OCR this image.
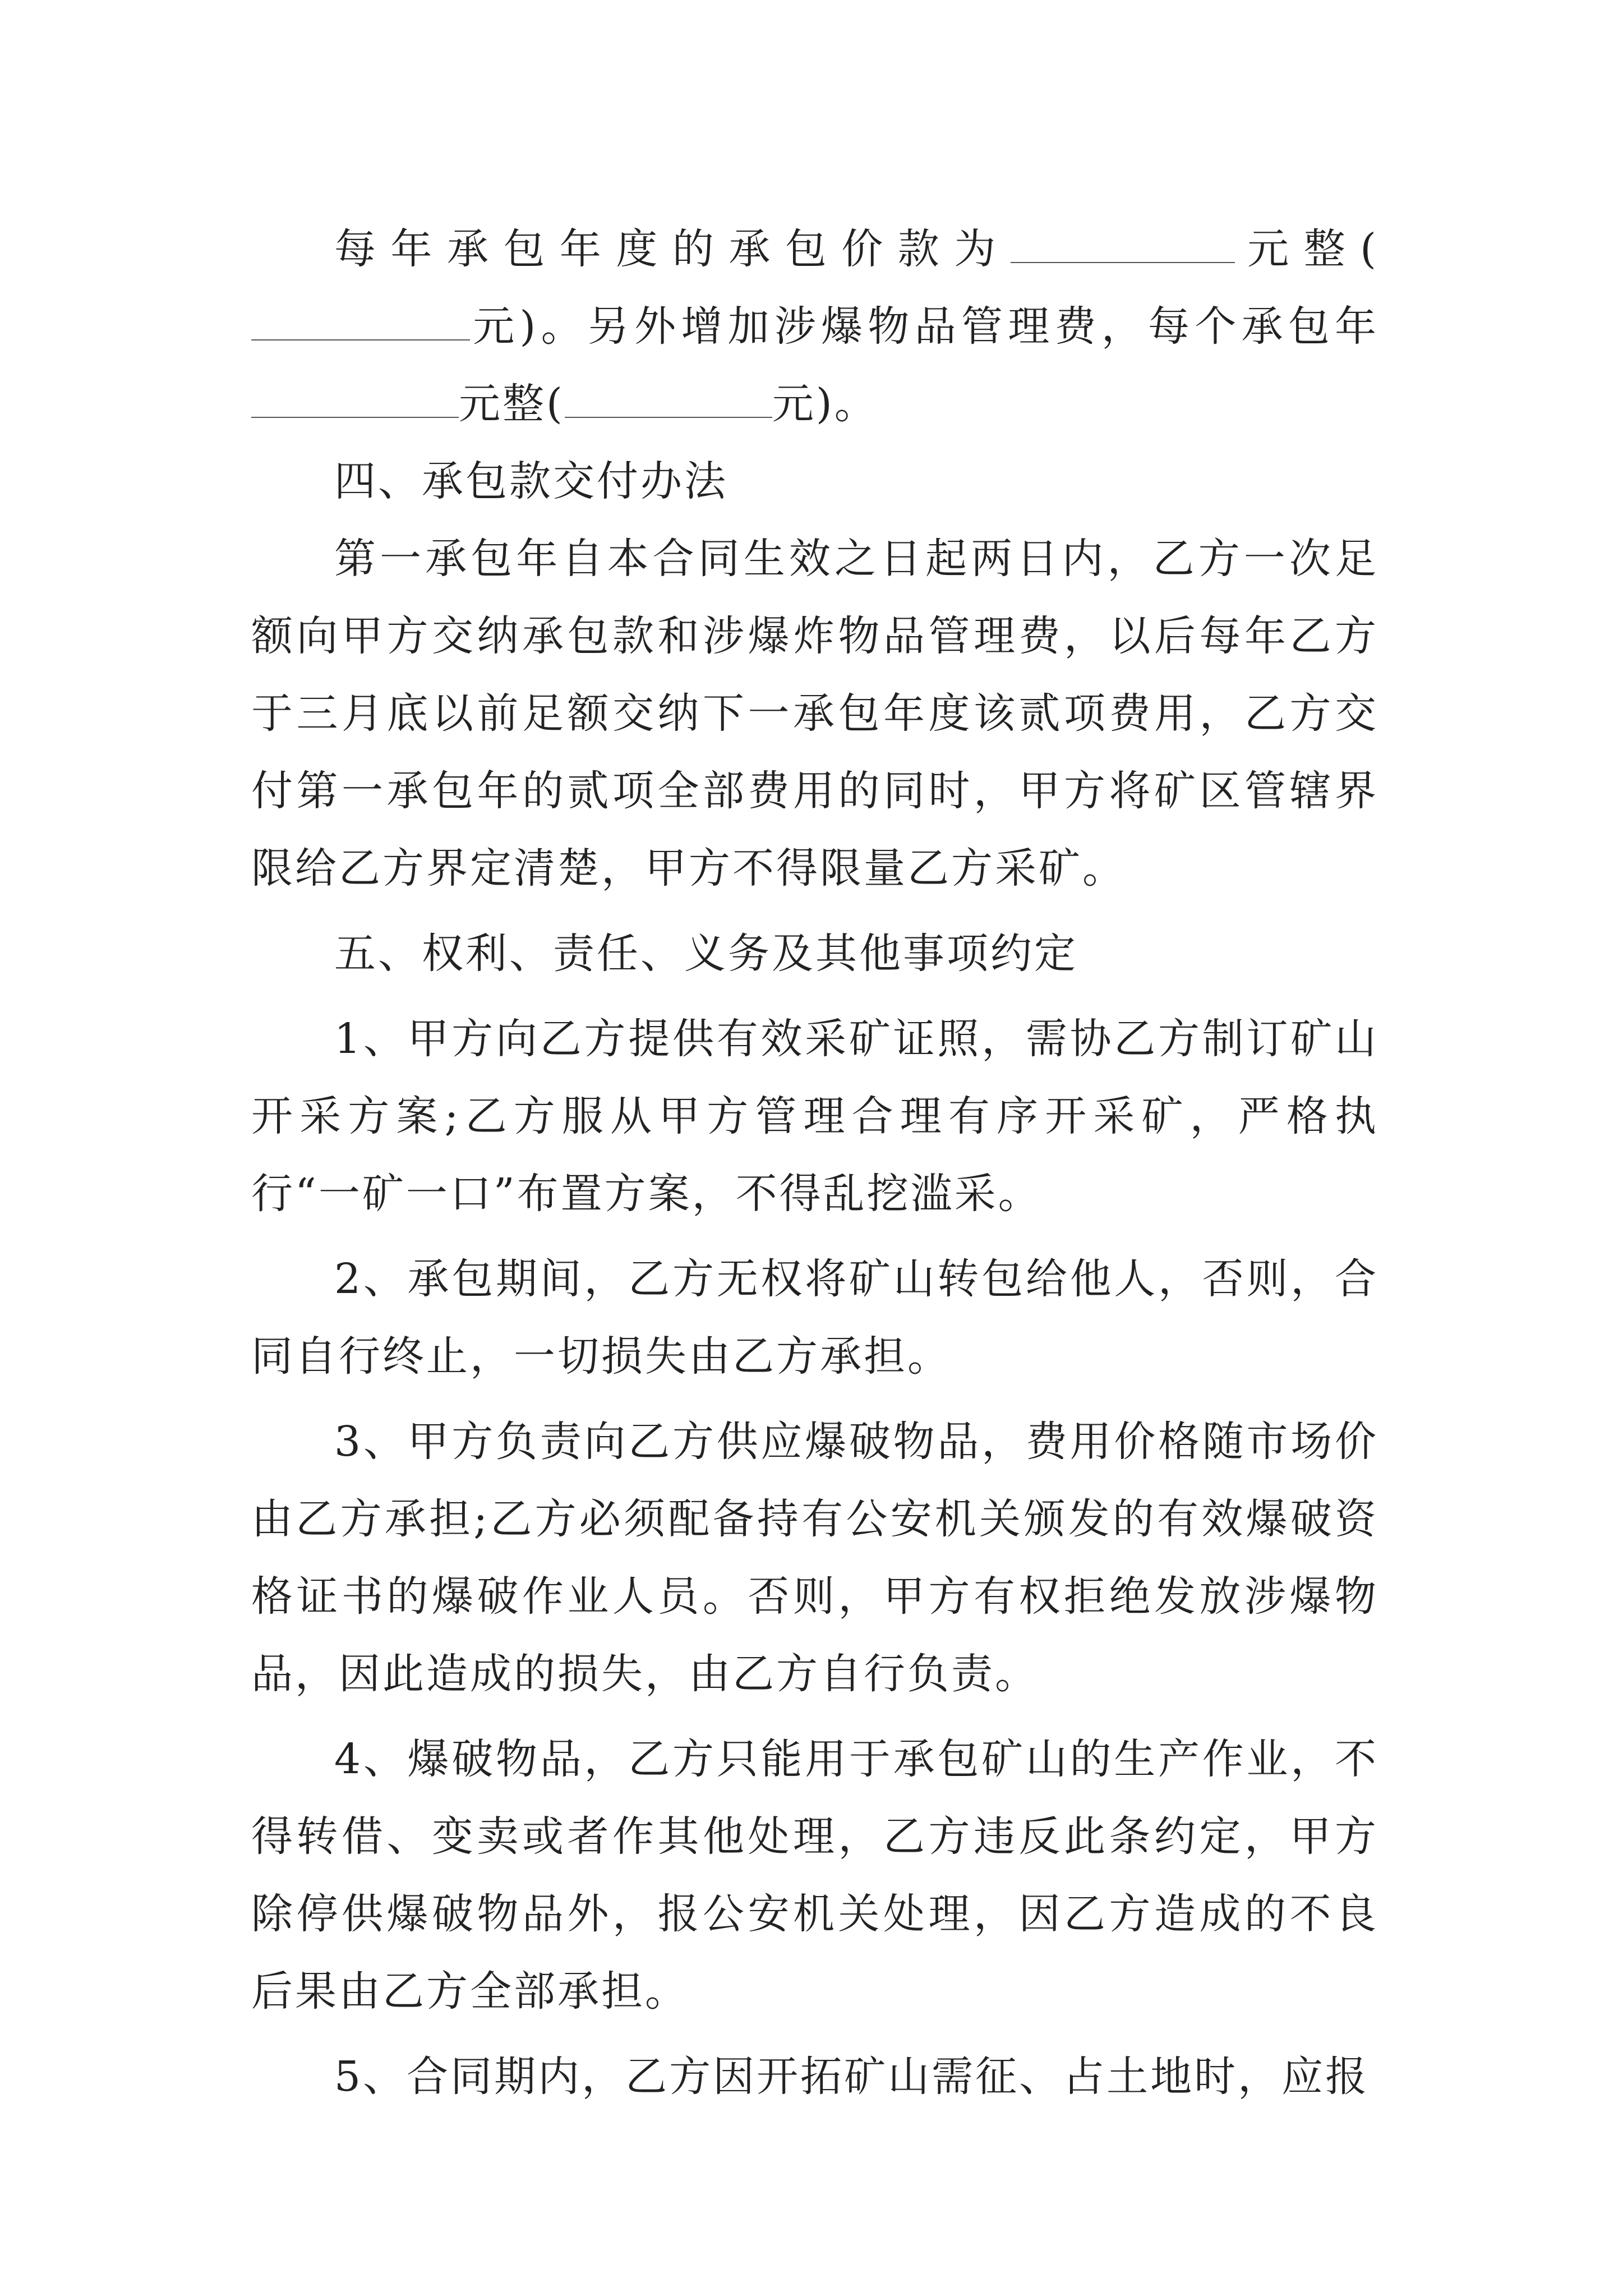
每年承包年度的承包价款为	元整(元)。另外增加涉爆物品管理费，每个承包年元整(	元)。

四、承包款交付办法

第一承包年自本合同生效之日起两日内，乙方一次足额向甲方交纳承包款和涉爆炸物品管理费，以后每年乙方于三月底以前足额交纳下一承包年度该贰项费用，乙方交付第一承包年的贰项全部费用的同时，甲方将矿区管辖界限给乙方界定清楚，甲方不得限量乙方采矿。

五、权利、责任、义务及其他事项约定

1、甲方向乙方提供有效采矿证照，需协乙方制订矿山开采方案;乙方服从甲方管理合理有序开采矿，严格执行“一矿一口”布置方案，不得乱挖滥采。

2、承包期间，乙方无权将矿山转包给他人，否则，合同自行终止，一切损失由乙方承担。

3、甲方负责向乙方供应爆破物品，费用价格随市场价由乙方承担;乙方必须配备持有公安机关颁发的有效爆破资格证书的爆破作业人员。否则，甲方有权拒绝发放涉爆物品，因此造成的损失，由乙方自行负责。

4、爆破物品，乙方只能用于承包矿山的生产作业，不得转借、变卖或者作其他处理，乙方违反此条约定，甲方除停供爆破物品外，报公安机关处理，因乙方造成的不良后果由乙方全部承担。

5、合同期内，乙方因开拓矿山需征、占土地时，应报
